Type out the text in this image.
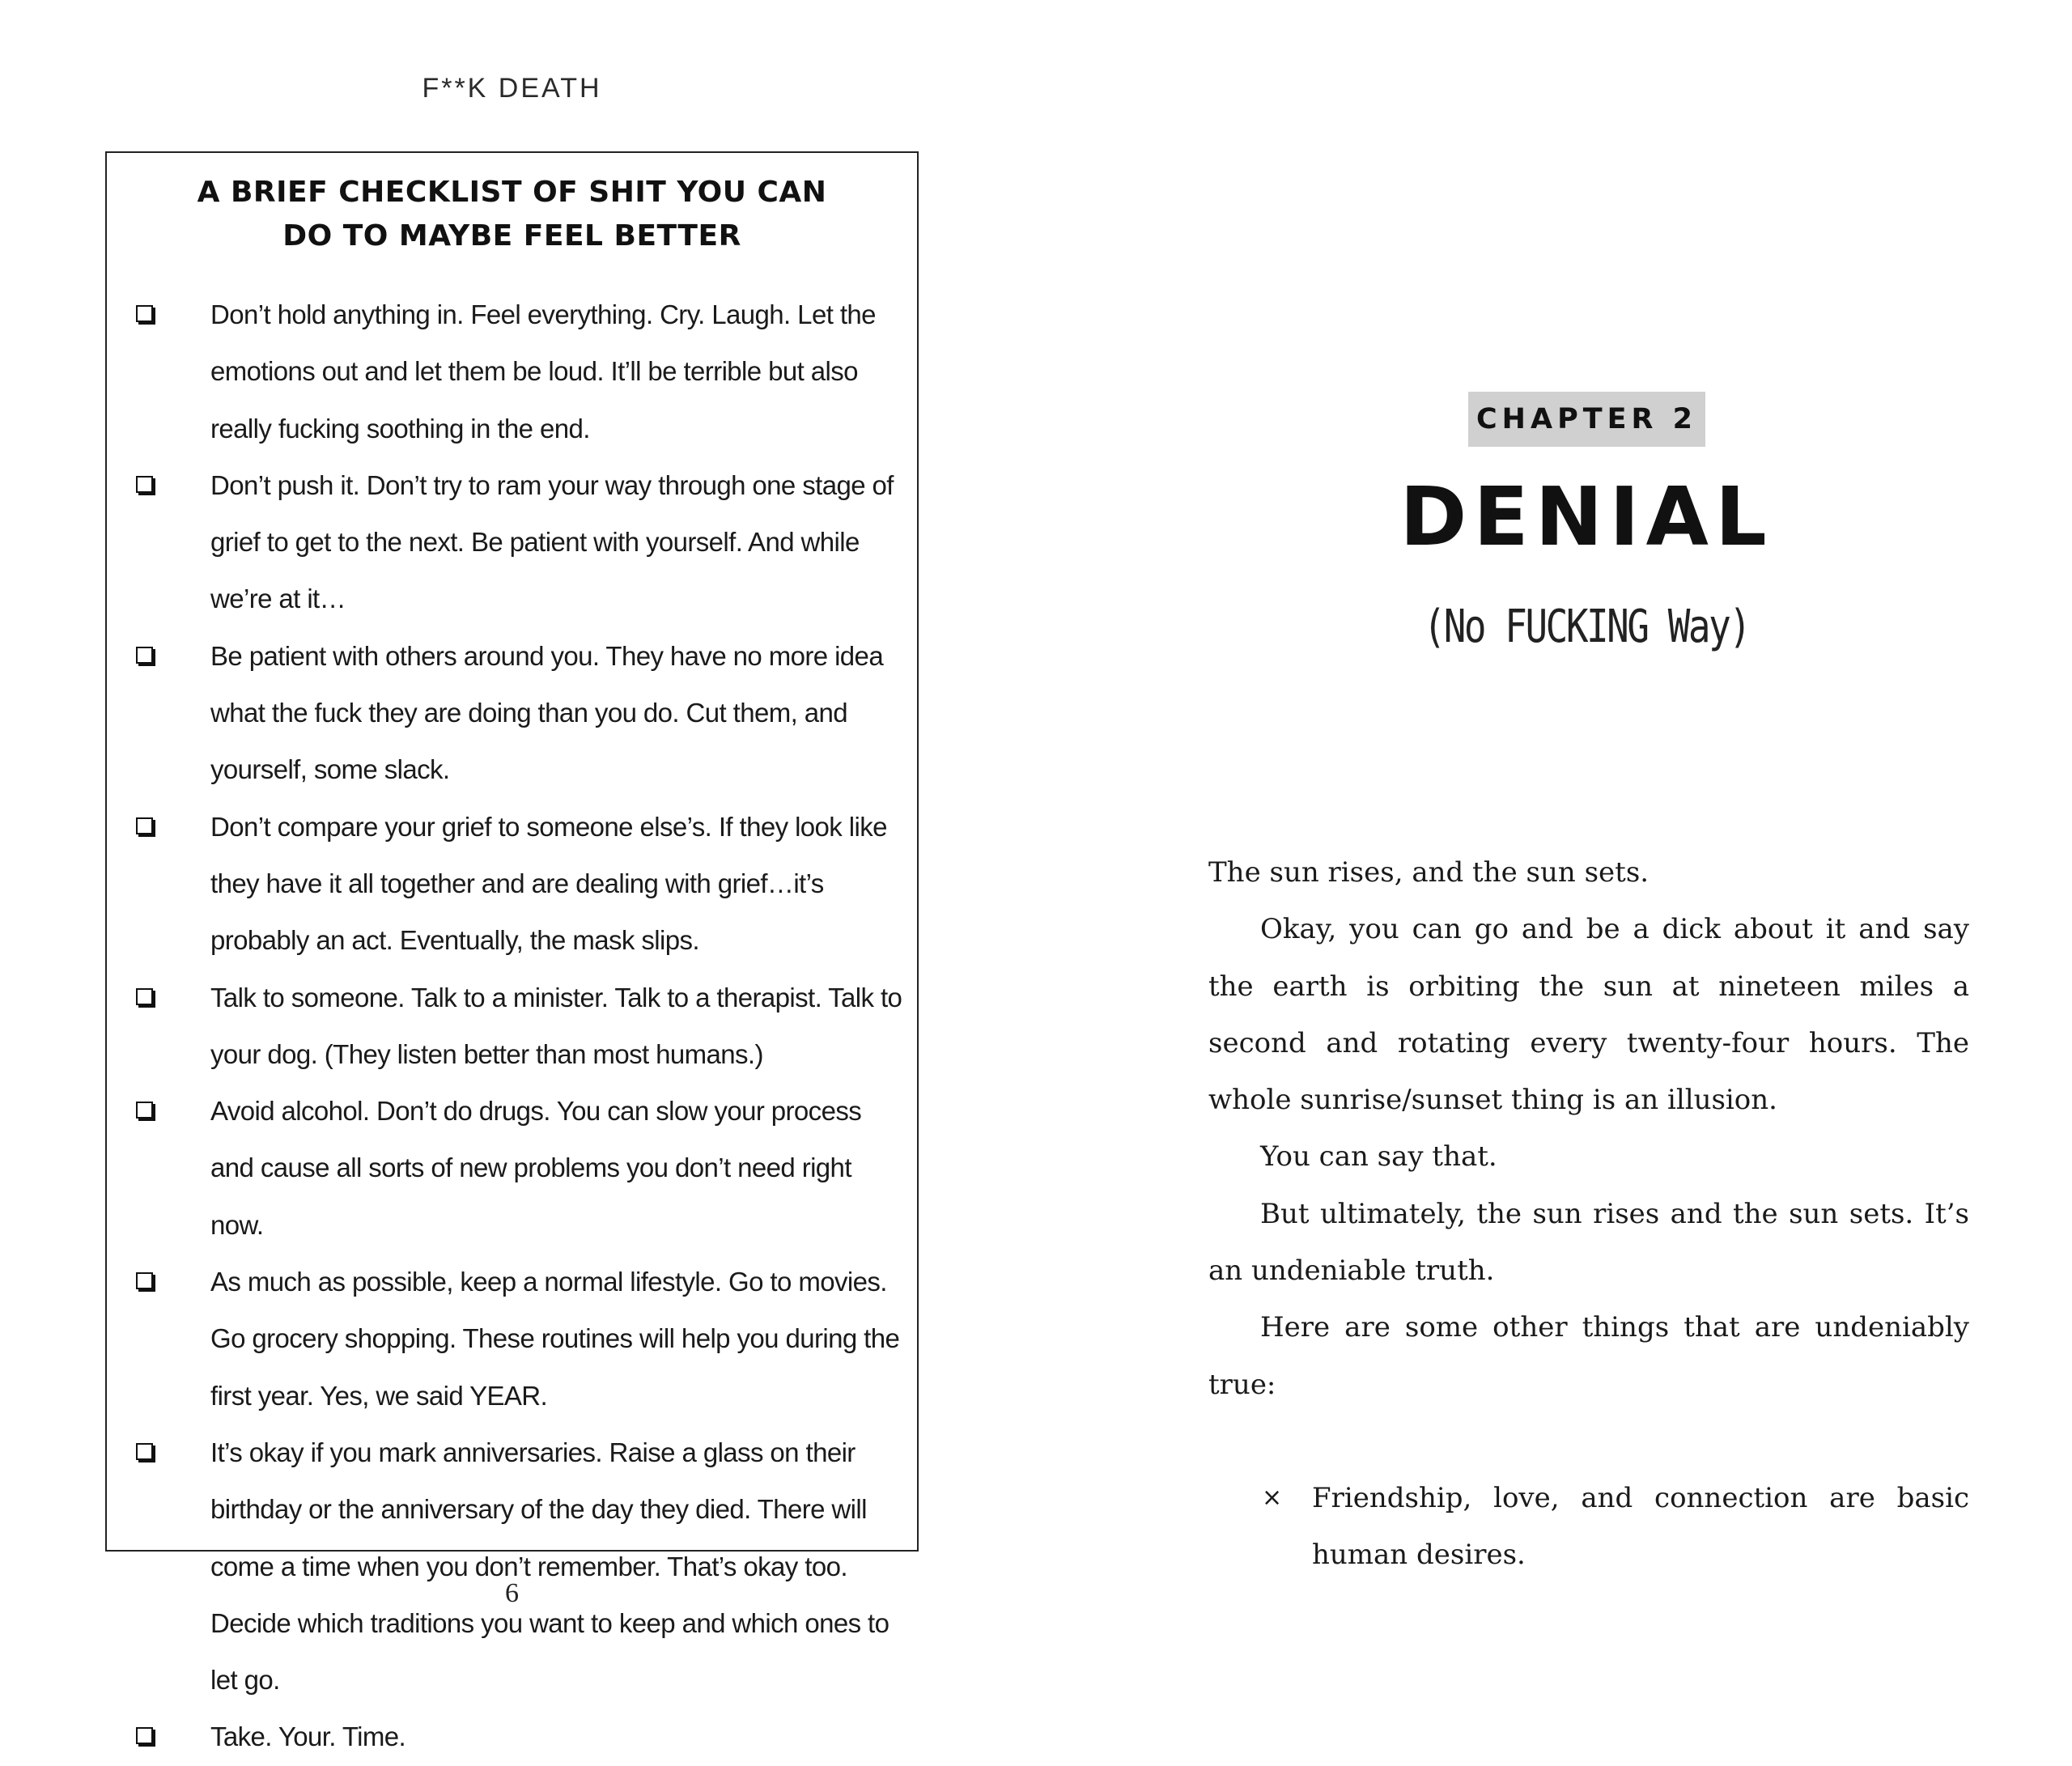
F**K DEATH
A BRIEF CHECKLIST OF SHIT YOU CAN
DO TO MAYBE FEEL BETTER
Don’t hold anything in. Feel everything. Cry. Laugh. Let the emotions out and let them be loud. It’ll be terrible but also really fucking soothing in the end.
Don’t push it. Don’t try to ram your way through one stage of grief to get to the next. Be patient with yourself. And while we’re at it…
Be patient with others around you. They have no more idea what the fuck they are doing than you do. Cut them, and yourself, some slack.
Don’t compare your grief to someone else’s. If they look like they have it all together and are dealing with grief…it’s probably an act. Eventually, the mask slips.
Talk to someone. Talk to a minister. Talk to a therapist. Talk to your dog. (They listen better than most humans.)
Avoid alcohol. Don’t do drugs. You can slow your process and cause all sorts of new problems you don’t need right now.
As much as possible, keep a normal lifestyle. Go to movies. Go grocery shopping. These routines will help you during the first year. Yes, we said YEAR.
It’s okay if you mark anniversaries. Raise a glass on their birthday or the anniversary of the day they died. There will come a time when you don’t remember. That’s okay too. Decide which traditions you want to keep and which ones to let go.
Take. Your. Time.
6
CHAPTER 2
DENIAL
(No FUCKING Way)

The sun rises, and the sun sets.

Okay, you can go and be a dick about it and say the earth is orbiting the sun at nineteen miles a second and rotating every twenty-four hours. The whole sunrise/sunset thing is an illusion.

You can say that.

But ultimately, the sun rises and the sun sets. It’s an undeniable truth.

Here are some other things that are undeniably true:

× Friendship, love, and connection are basic human desires.
